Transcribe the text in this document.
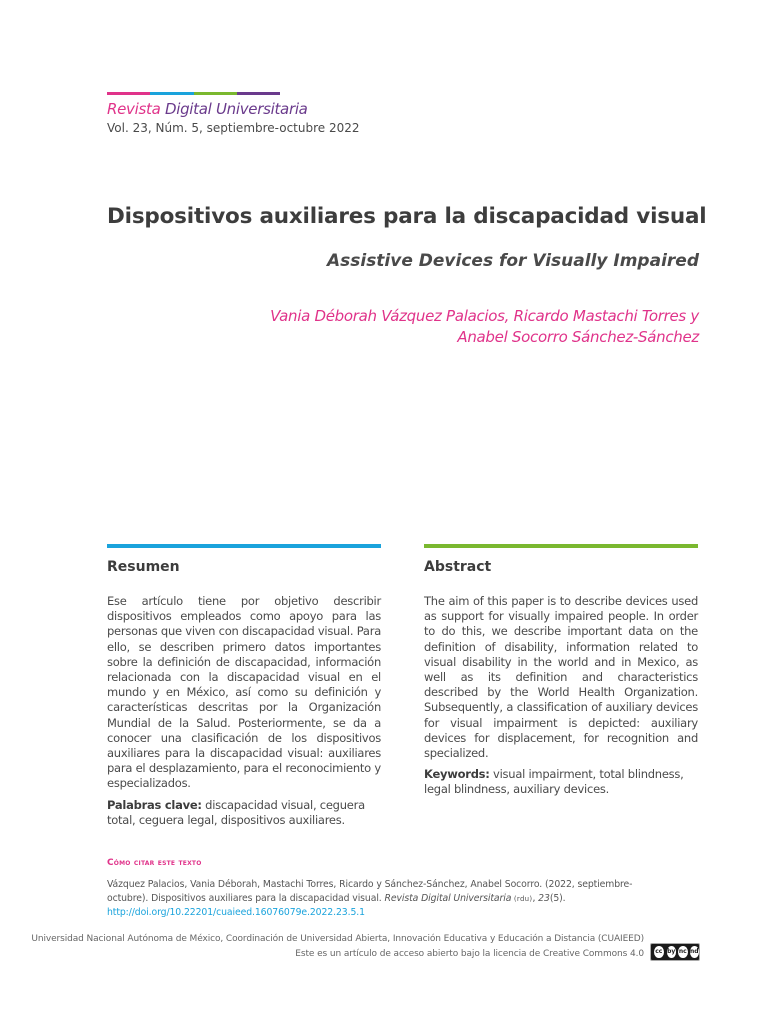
Revista Digital Universitaria
Vol. 23, Núm. 5, septiembre-octubre 2022
Dispositivos auxiliares para la discapacidad visual
Assistive Devices for Visually Impaired
Vania Déborah Vázquez Palacios, Ricardo Mastachi Torres y
Anabel Socorro Sánchez-Sánchez
Resumen

Ese artículo tiene por objetivo describir dispositivos empleados como apoyo para las personas que viven con discapacidad visual. Para ello, se describen primero datos importantes sobre la definición de discapacidad, información relacionada con la discapacidad visual en el mundo y en México, así como su definición y características descritas por la Organización Mundial de la Salud. Posteriormente, se da a conocer una clasificación de los dispositivos auxiliares para la discapacidad visual: auxiliares para el desplazamiento, para el reconocimiento y especializados.

Palabras clave: discapacidad visual, ceguera total, ceguera legal, dispositivos auxiliares.

Abstract

The aim of this paper is to describe devices used as support for visually impaired people. In order to do this, we describe important data on the definition of disability, information related to visual disability in the world and in Mexico, as well as its definition and characteristics described by the World Health Organization. Subsequently, a classification of auxiliary devices for visual impairment is depicted: auxiliary devices for displacement, for recognition and specialized.

Keywords: visual impairment, total blindness, legal blindness, auxiliary devices.

Cómo citar este texto
Vázquez Palacios, Vania Déborah, Mastachi Torres, Ricardo y Sánchez-Sánchez, Anabel Socorro. (2022, septiembre-octubre). Dispositivos auxiliares para la discapacidad visual. Revista Digital Universitaria (rdu), 23(5). http://doi.org/10.22201/cuaieed.16076079e.2022.23.5.1
Universidad Nacional Autónoma de México, Coordinación de Universidad Abierta, Innovación Educativa y Educación a Distancia (CUAIEED)
Este es un artículo de acceso abierto bajo la licencia de Creative Commons 4.0	cc by nc nd
